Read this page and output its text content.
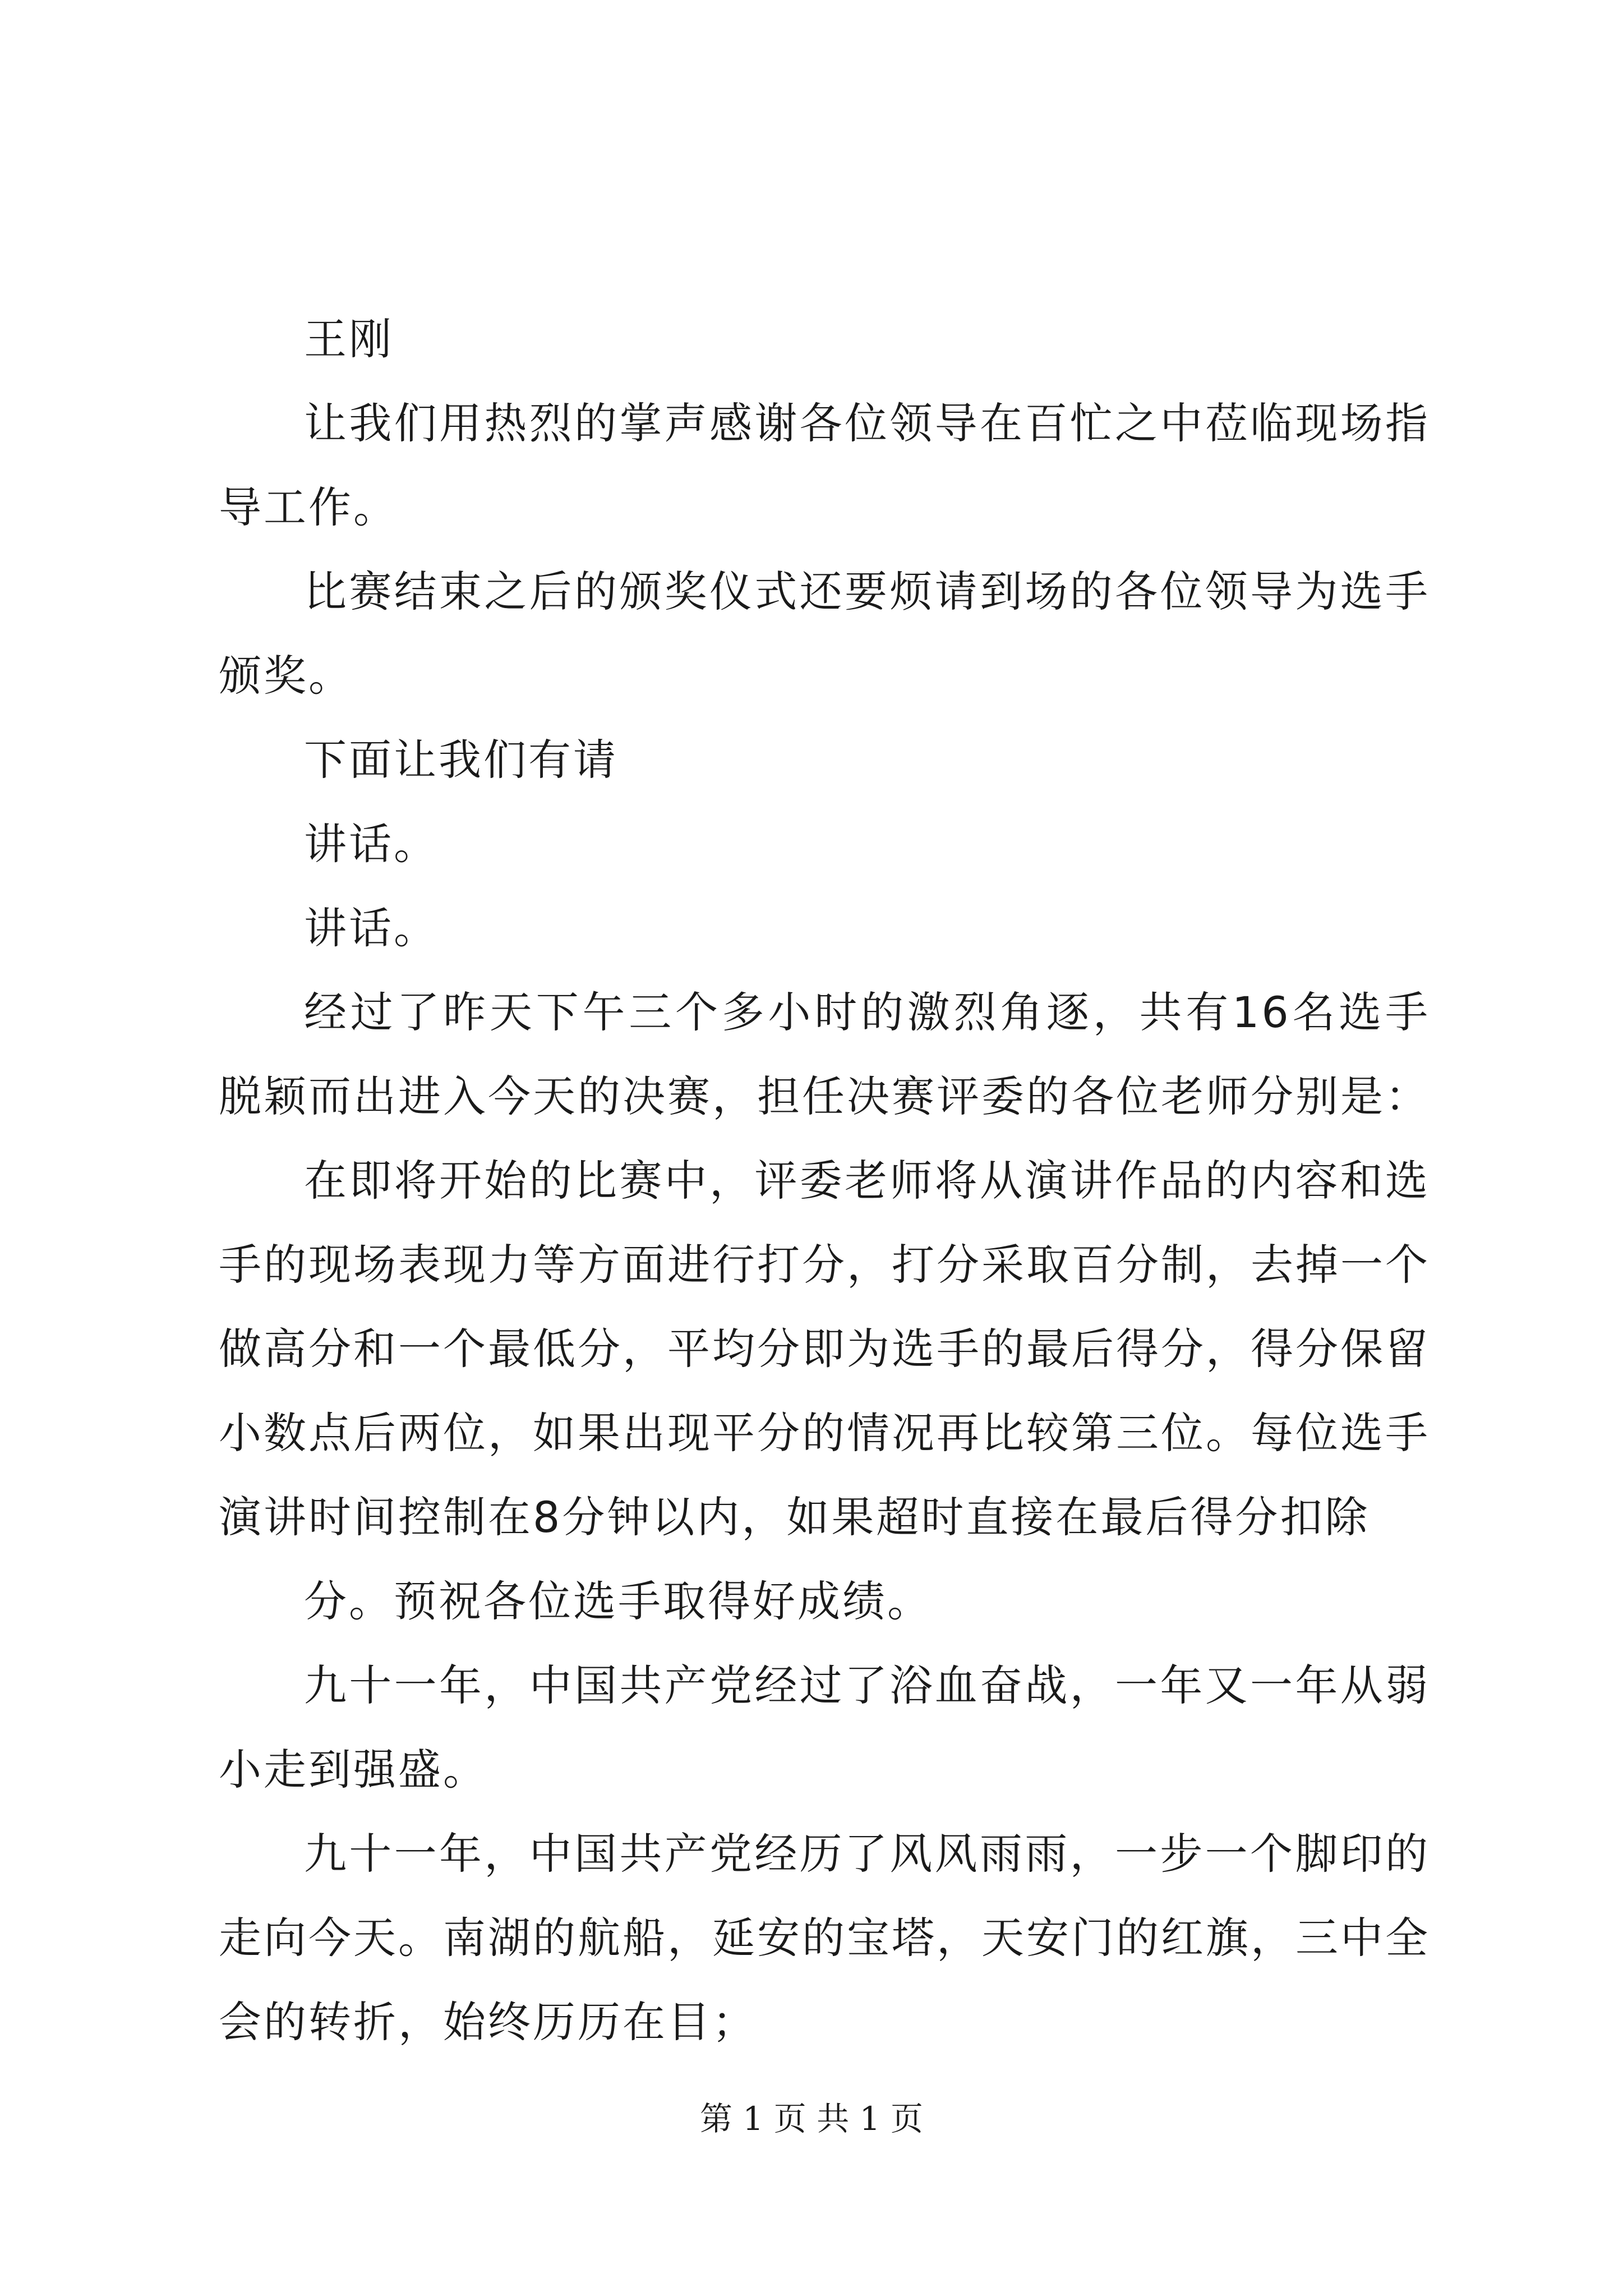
王刚

让我们用热烈的掌声感谢各位领导在百忙之中莅临现场指导工作。

比赛结束之后的颁奖仪式还要烦请到场的各位领导为选手颁奖。

下面让我们有请

讲话。

讲话。

经过了昨天下午三个多小时的激烈角逐，共有16名选手脱颖而出进入今天的决赛，担任决赛评委的各位老师分别是：

在即将开始的比赛中，评委老师将从演讲作品的内容和选手的现场表现力等方面进行打分，打分采取百分制，去掉一个做高分和一个最低分，平均分即为选手的最后得分，得分保留小数点后两位，如果出现平分的情况再比较第三位。每位选手演讲时间控制在8分钟以内，如果超时直接在最后得分扣除

分。预祝各位选手取得好成绩。

九十一年，中国共产党经过了浴血奋战，一年又一年从弱小走到强盛。

九十一年，中国共产党经历了风风雨雨，一步一个脚印的走向今天。南湖的航船，延安的宝塔，天安门的红旗，三中全会的转折，始终历历在目；

第 1 页 共 1 页
